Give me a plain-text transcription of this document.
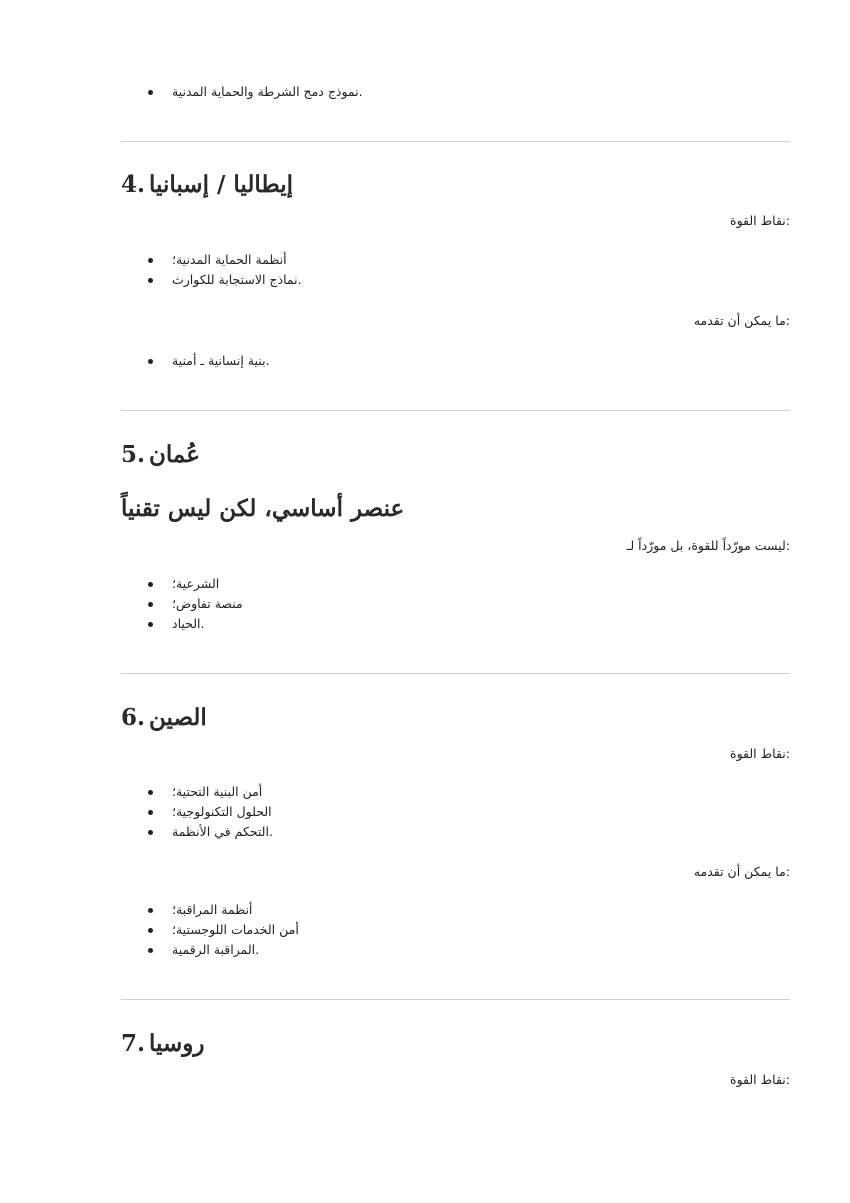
نموذج دمج الشرطة والحماية المدنية.
4. إيطاليا / إسبانيا
نقاط القوة:
أنظمة الحماية المدنية؛
نماذج الاستجابة للكوارث.
ما يمكن أن تقدمه:
بنية إنسانية ـ أمنية.
5. عُمان
عنصر أساسي، لكن ليس تقنياً
ليست مورّداً للقوة، بل مورّداً لـ:
الشرعية؛
منصة تفاوض؛
الحياد.
6. الصين
نقاط القوة:
أمن البنية التحتية؛
الحلول التكنولوجية؛
التحكم في الأنظمة.
ما يمكن أن تقدمه:
أنظمة المراقبة؛
أمن الخدمات اللوجستية؛
المراقبة الرقمية.
7. روسيا
نقاط القوة:
